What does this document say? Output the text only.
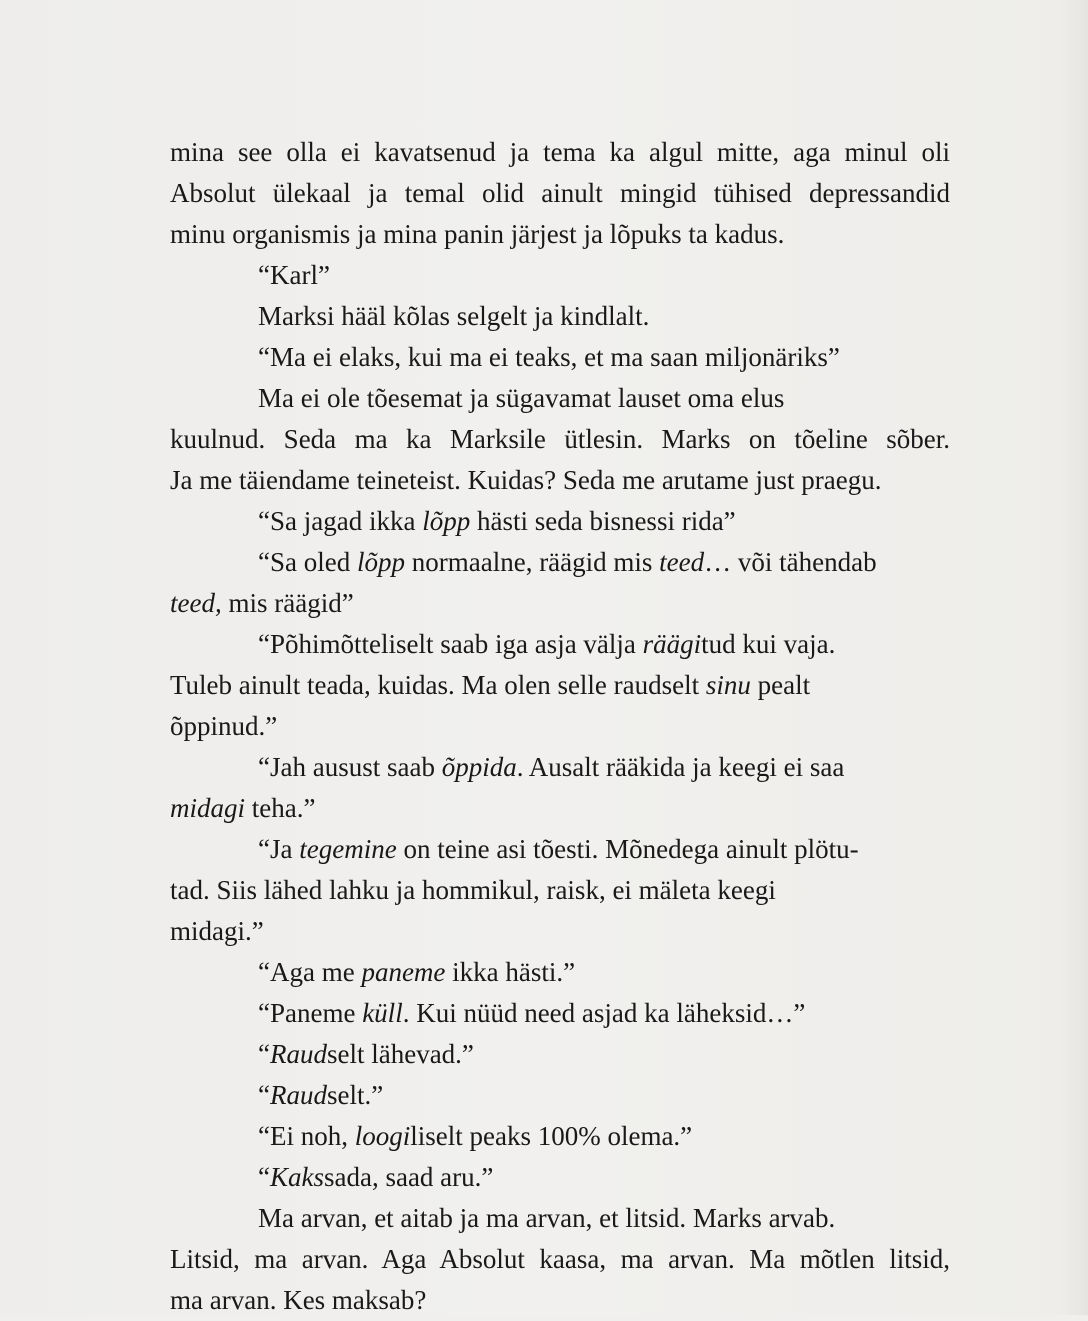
mina see olla ei kavatsenud ja tema ka algul mitte, aga minul oli
Absolut ülekaal ja temal olid ainult mingid tühised depressandid
minu organismis ja mina panin järjest ja lõpuks ta kadus.
“Karl”
Marksi hääl kõlas selgelt ja kindlalt.
“Ma ei elaks, kui ma ei teaks, et ma saan miljonäriks”
Ma ei ole tõesemat ja sügavamat lauset oma elus
kuulnud. Seda ma ka Marksile ütlesin. Marks on tõeline sõber.
Ja me täiendame teineteist. Kuidas? Seda me arutame just praegu.
“Sa jagad ikka lõpp hästi seda bisnessi rida”
“Sa oled lõpp normaalne, räägid mis teed… või tähendab
teed, mis räägid”
“Põhimõtteliselt saab iga asja välja räägitud kui vaja.
Tuleb ainult teada, kuidas. Ma olen selle raudselt sinu pealt
õppinud.”
“Jah ausust saab õppida. Ausalt rääkida ja keegi ei saa
midagi teha.”
“Ja tegemine on teine asi tõesti. Mõnedega ainult plötu-
tad. Siis lähed lahku ja hommikul, raisk, ei mäleta keegi
midagi.”
“Aga me paneme ikka hästi.”
“Paneme küll. Kui nüüd need asjad ka läheksid…”
“Raudselt lähevad.”
“Raudselt.”
“Ei noh, loogiliselt peaks 100% olema.”
“Kakssada, saad aru.”
Ma arvan, et aitab ja ma arvan, et litsid. Marks arvab.
Litsid, ma arvan. Aga Absolut kaasa, ma arvan. Ma mõtlen litsid,
ma arvan. Kes maksab?
